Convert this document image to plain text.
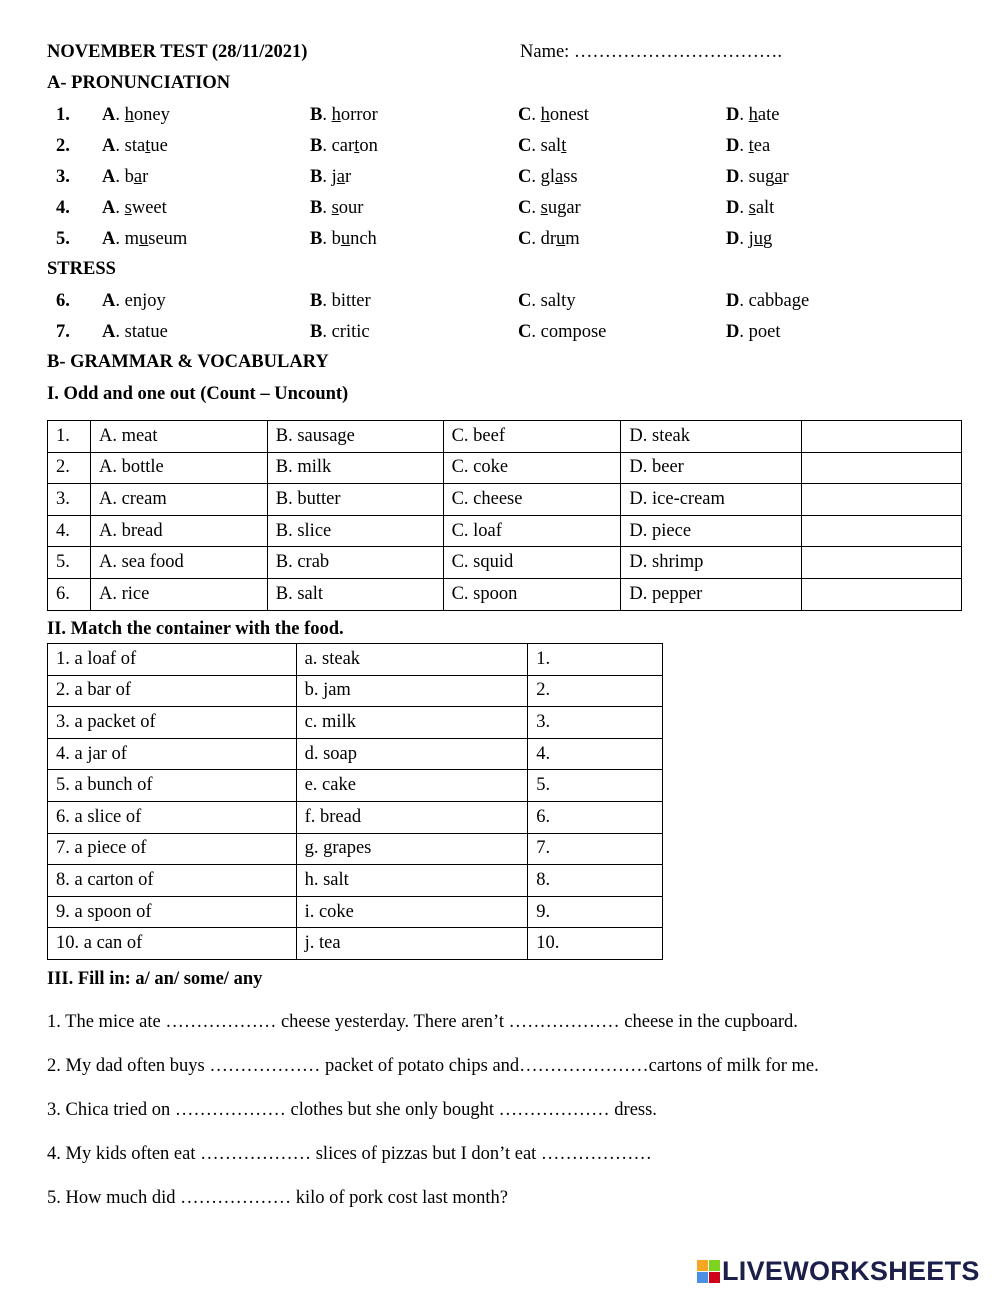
NOVEMBER TEST (28/11/2021)	Name: …………………………….
A- PRONUNCIATION
1. A. honey	B. horror	C. honest	D. hate
2. A. statue	B. carton	C. salt	D. tea
3. A. bar	B. jar	C. glass	D. sugar
4. A. sweet	B. sour	C. sugar	D. salt
5. A. museum	B. bunch	C. drum	D. jug
STRESS
6. A. enjoy	B. bitter	C. salty	D. cabbage
7. A. statue	B. critic	C. compose	D. poet
B- GRAMMAR & VOCABULARY
I. Odd and one out (Count – Uncount)
1.	A. meat	B. sausage	C. beef	D. steak	
2.	A. bottle	B. milk	C. coke	D. beer	
3.	A. cream	B. butter	C. cheese	D. ice-cream	
4.	A. bread	B. slice	C. loaf	D. piece	
5.	A. sea food	B. crab	C. squid	D. shrimp	
6.	A. rice	B. salt	C. spoon	D. pepper	
II. Match the container with the food.
1. a loaf of	a. steak	1.
2. a bar of	b. jam	2.
3. a packet of	c. milk	3.
4. a jar of	d. soap	4.
5. a bunch of	e. cake	5.
6. a slice of	f. bread	6.
7. a piece of	g. grapes	7.
8. a carton of	h. salt	8.
9. a spoon of	i. coke	9.
10. a can of	j. tea	10.
III. Fill in: a/ an/ some/ any
1. The mice ate ……………… cheese yesterday. There aren’t ……………… cheese in the cupboard.
2. My dad often buys ……………… packet of potato chips and…………………cartons of milk for me.
3. Chica tried on ……………… clothes but she only bought ……………… dress.
4. My kids often eat ……………… slices of pizzas but I don’t eat ………………
5. How much did ……………… kilo of pork cost last month?
LIVEWORKSHEETS
